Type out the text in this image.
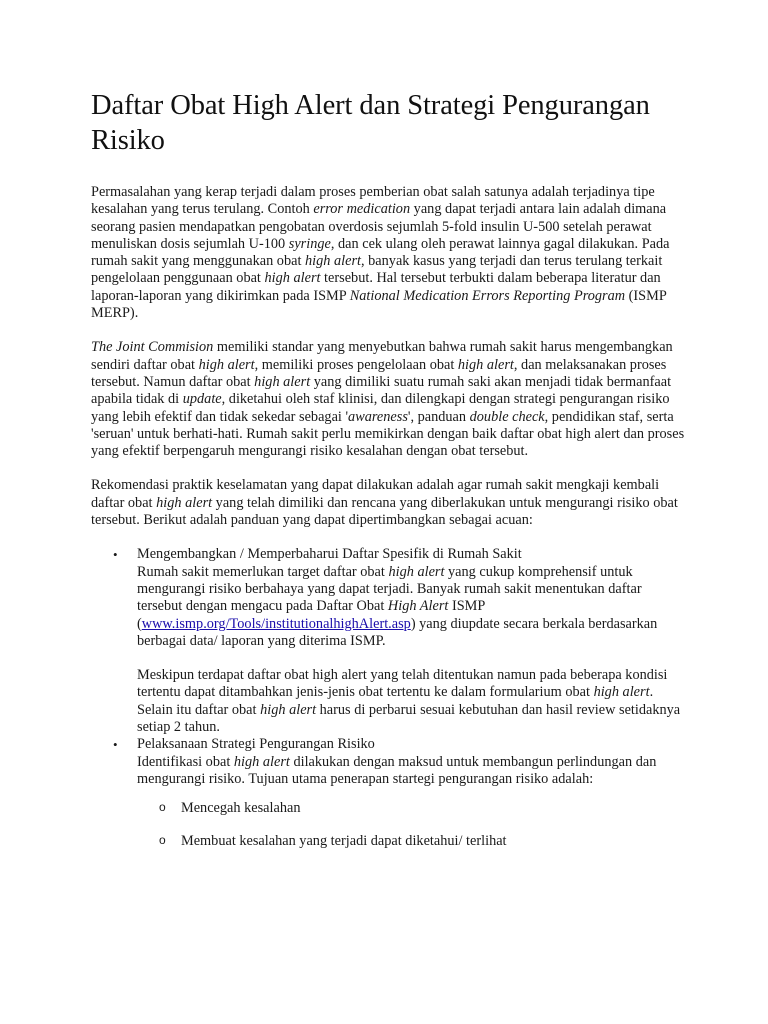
Daftar Obat High Alert dan Strategi Pengurangan Risiko

Permasalahan yang kerap terjadi dalam proses pemberian obat salah satunya adalah terjadinya tipe kesalahan yang terus terulang. Contoh error medication yang dapat terjadi antara lain adalah dimana seorang pasien mendapatkan pengobatan overdosis sejumlah 5-fold insulin U-500 setelah perawat menuliskan dosis sejumlah U-100 syringe, dan cek ulang oleh perawat lainnya gagal dilakukan. Pada rumah sakit yang menggunakan obat high alert, banyak kasus yang terjadi dan terus terulang terkait pengelolaan penggunaan obat high alert tersebut. Hal tersebut terbukti dalam beberapa literatur dan laporan-laporan yang dikirimkan pada ISMP National Medication Errors Reporting Program (ISMP MERP).

The Joint Commision memiliki standar yang menyebutkan bahwa rumah sakit harus mengembangkan sendiri daftar obat high alert, memiliki proses pengelolaan obat high alert, dan melaksanakan proses tersebut. Namun daftar obat high alert yang dimiliki suatu rumah saki akan menjadi tidak bermanfaat apabila tidak di update, diketahui oleh staf klinisi, dan dilengkapi dengan strategi pengurangan risiko yang lebih efektif dan tidak sekedar sebagai 'awareness', panduan double check, pendidikan staf, serta 'seruan' untuk berhati-hati. Rumah sakit perlu memikirkan dengan baik daftar obat high alert dan proses yang efektif berpengaruh mengurangi risiko kesalahan dengan obat tersebut.

Rekomendasi praktik keselamatan yang dapat dilakukan adalah agar rumah sakit mengkaji kembali daftar obat high alert yang telah dimiliki dan rencana yang diberlakukan untuk mengurangi risiko obat tersebut. Berikut adalah panduan yang dapat dipertimbangkan sebagai acuan:

• Mengembangkan / Memperbaharui Daftar Spesifik di Rumah Sakit
Rumah sakit memerlukan target daftar obat high alert yang cukup komprehensif untuk mengurangi risiko berbahaya yang dapat terjadi. Banyak rumah sakit menentukan daftar tersebut dengan mengacu pada Daftar Obat High Alert ISMP (www.ismp.org/Tools/institutionalhighAlert.asp) yang diupdate secara berkala berdasarkan berbagai data/ laporan yang diterima ISMP.
Meskipun terdapat daftar obat high alert yang telah ditentukan namun pada beberapa kondisi tertentu dapat ditambahkan jenis-jenis obat tertentu ke dalam formularium obat high alert. Selain itu daftar obat high alert harus di perbarui sesuai kebutuhan dan hasil review setidaknya setiap 2 tahun.
• Pelaksanaan Strategi Pengurangan Risiko
Identifikasi obat high alert dilakukan dengan maksud untuk membangun perlindungan dan mengurangi risiko. Tujuan utama penerapan startegi pengurangan risiko adalah:
o Mencegah kesalahan
o Membuat kesalahan yang terjadi dapat diketahui/ terlihat
